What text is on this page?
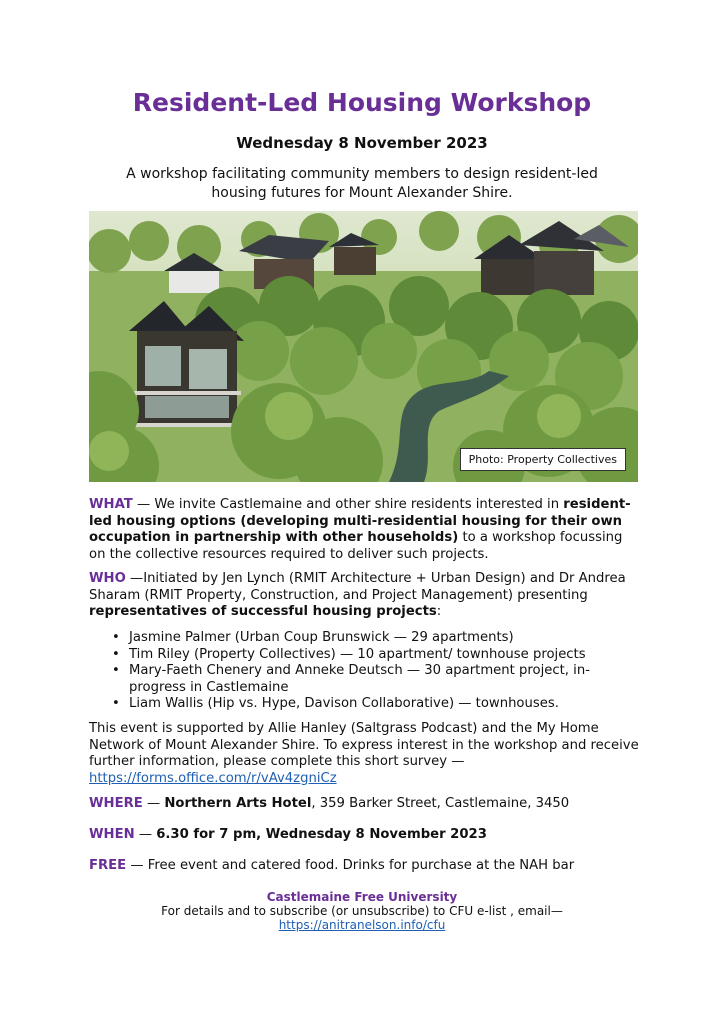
Resident-Led Housing Workshop
Wednesday 8 November 2023
A workshop facilitating community members to design resident-led housing futures for Mount Alexander Shire.
Photo: Property Collectives
WHAT — We invite Castlemaine and other shire residents interested in resident-led housing options (developing multi-residential housing for their own occupation in partnership with other households) to a workshop focussing on the collective resources required to deliver such projects.
WHO —Initiated by Jen Lynch (RMIT Architecture + Urban Design) and Dr Andrea Sharam (RMIT Property, Construction, and Project Management) presenting representatives of successful housing projects:
• Jasmine Palmer (Urban Coup Brunswick — 29 apartments)
• Tim Riley (Property Collectives) — 10 apartment/ townhouse projects
• Mary-Faeth Chenery and Anneke Deutsch — 30 apartment project, in-progress in Castlemaine
• Liam Wallis (Hip vs. Hype, Davison Collaborative) — townhouses.
This event is supported by Allie Hanley (Saltgrass Podcast) and the My Home Network of Mount Alexander Shire. To express interest in the workshop and receive further information, please complete this short survey — https://forms.office.com/r/vAv4zgniCz
WHERE — Northern Arts Hotel, 359 Barker Street, Castlemaine, 3450
WHEN — 6.30 for 7 pm, Wednesday 8 November 2023
FREE — Free event and catered food. Drinks for purchase at the NAH bar
Castlemaine Free University
For details and to subscribe (or unsubscribe) to CFU e-list , email—
https://anitranelson.info/cfu
